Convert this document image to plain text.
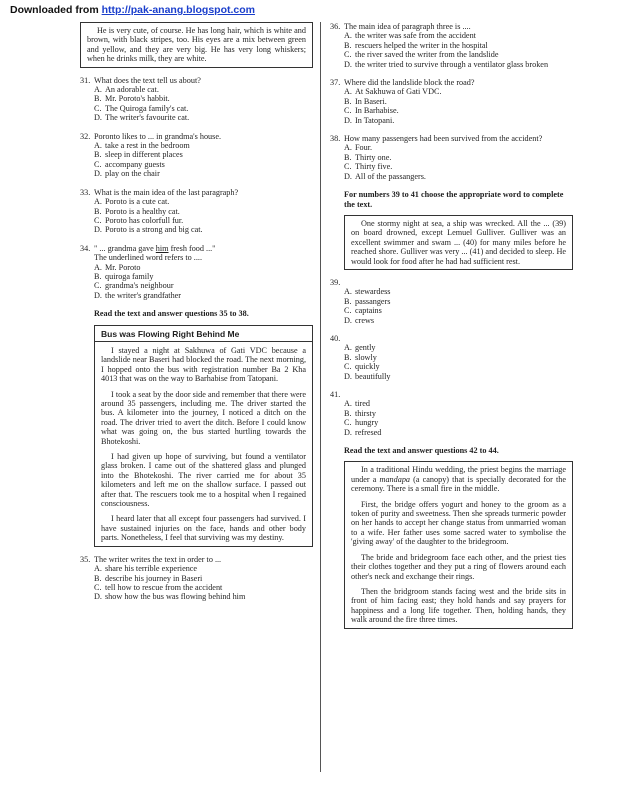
Downloaded from http://pak-anang.blogspot.com

He is very cute, of course. He has long hair, which is white and brown, with black stripes, too. His eyes are a mix between green and yellow, and they are very big. He has very long whiskers; when he drinks milk, they are white.

31. What does the text tell us about?
A. An adorable cat.
B. Mr. Poroto's habbit.
C. The Quiroga family's cat.
D. The writer's favourite cat.
32. Poronto likes to ... in grandma's house.
A. take a rest in the bedroom
B. sleep in different places
C. accompany guests
D. play on the chair
33. What is the main idea of the last paragraph?
A. Poroto is a cute cat.
B. Poroto is a healthy cat.
C. Poroto has colorfull fur.
D. Poroto is a strong and big cat.
34. " ... grandma gave him fresh food ..."
The underlined word refers to ....
A. Mr. Poroto
B. quiroga family
C. grandma's neighbour
D. the writer's grandfather
Read the text and answer questions 35 to 38.
Bus was Flowing Right Behind Me

I stayed a night at Sakhuwa of Gati VDC because a landslide near Baseri had blocked the road. The next morning, I hopped onto the bus with registration number Ba 2 Kha 4013 that was on the way to Barhabise from Tatopani.

I took a seat by the door side and remember that there were around 35 passengers, including me. The driver started the bus. A kilometer into the journey, I noticed a ditch on the road. The driver tried to avert the ditch. Before I could know what was going on, the bus started hurtling towards the Bhotekoshi.

I had given up hope of surviving, but found a ventilator glass broken. I came out of the shattered glass and plunged into the Bhotekoshi. The river carried me for about 35 kilometers and left me on the shallow surface. I passed out after that. The rescuers took me to a hospital when I regained consciousness.

I heard later that all except four passengers had survived. I have sustained injuries on the face, hands and other body parts. Nonetheless, I feel that surviving was my destiny.

35. The writer writes the text in order to ...
A. share his terrible experience
B. describe his journey in Baseri
C. tell how to rescue from the accident
D. show how the bus was flowing behind him
36. The main idea of paragraph three is ....
A. the writer was safe from the accident
B. rescuers helped the writer in the hospital
C. the river saved the writer from the landslide
D. the writer tried to survive through a ventilator glass broken
37. Where did the landslide block the road?
A. At Sakhuwa of Gati VDC.
B. In Baseri.
C. In Barhabise.
D. In Tatopani.
38. How many passengers had been survived from the accident?
A. Four.
B. Thirty one.
C. Thirty five.
D. All of the passangers.
For numbers 39 to 41 choose the appropriate word to complete the text.

One stormy night at sea, a ship was wrecked. All the ... (39) on board drowned, except Lemuel Gulliver. Gulliver was an excellent swimmer and swam ... (40) for many miles before he reached shore. Gulliver was very ... (41) and decided to sleep. He would look for food after he had had sufficient rest.

39.
A. stewardess
B. passangers
C. captains
D. crews
40.
A. gently
B. slowly
C. quickly
D. beautifully
41.
A. tired
B. thirsty
C. hungry
D. refresed
Read the text and answer questions 42 to 44.

In a traditional Hindu wedding, the priest begins the marriage under a mandapa (a canopy) that is specially decorated for the ceremony. There is a small fire in the middle.

First, the bridge offers yogurt and honey to the groom as a token of purity and sweetness. Then she spreads turmeric powder on her hands to accept her change status from unmarried woman to a wife. Her father uses some sacred water to symbolise the 'giving away' of the daughter to the bridegroom.

The bride and bridegroom face each other, and the priest ties their clothes together and they put a ring of flowers around each other's neck and exchange their rings.

Then the bridgroom stands facing west and the bride sits in front of him facing east; they hold hands and say prayers for happiness and a long life together. Then, holding hands, they walk around the fire three times.
